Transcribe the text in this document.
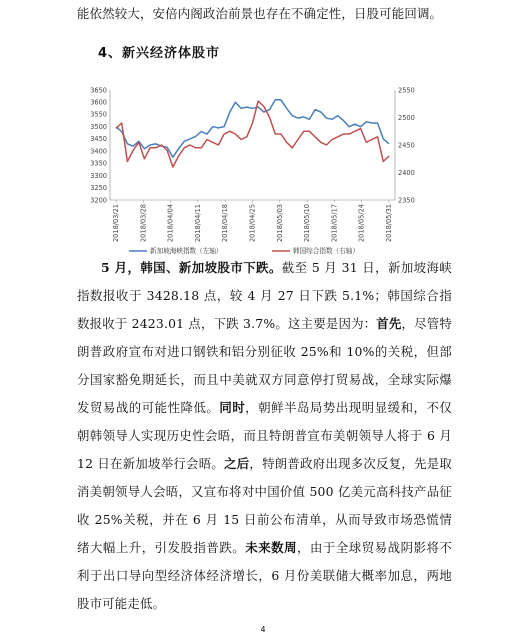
能依然较大，安倍内阁政治前景也存在不确定性，日股可能回调。
4、新兴经济体股市
3200
3250
3300
3350
3400
3450
3500
3550
3600
3650
2350
2400
2450
2500
2550
2018/03/21	2018/03/28	2018/04/04	2018/04/11	2018/04/18	2018/04/25	2018/05/03	2018/05/10	2018/05/17	2018/05/24	2018/05/31
新加坡海峡指数（左轴）	韩国综合指数（右轴）
5 月，韩国、新加坡股市下跌。截至 5 月 31 日，新加坡海峡指数报收于 3428.18 点，较 4 月 27 日下跌 5.1%；韩国综合指数报收于 2423.01 点，下跌 3.7%。这主要是因为：首先，尽管特朗普政府宣布对进口钢铁和铝分别征收 25%和 10%的关税，但部分国家豁免期延长，而且中美就双方同意停打贸易战，全球实际爆发贸易战的可能性降低。同时，朝鲜半岛局势出现明显缓和，不仅朝韩领导人实现历史性会晤，而且特朗普宣布美朝领导人将于 6 月 12 日在新加坡举行会晤。之后，特朗普政府出现多次反复，先是取消美朝领导人会晤，又宣布将对中国价值 500 亿美元高科技产品征收 25%关税，并在 6 月 15 日前公布清单，从而导致市场恐慌情绪大幅上升，引发股指普跌。未来数周，由于全球贸易战阴影将不利于出口导向型经济体经济增长，6 月份美联储大概率加息，两地股市可能走低。
4
